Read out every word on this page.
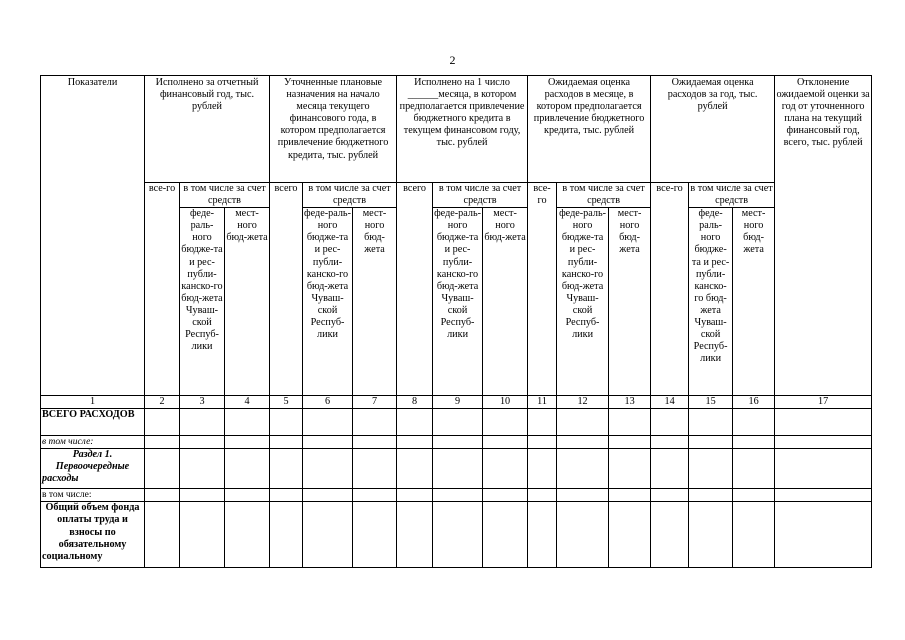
2
Показатели	Исполнено за отчетный финансовый год, тыс. рублей			Уточненные плановые назначения на начало месяца текущего финансового года, в котором предполагается привлечение бюджетного кредита, тыс. рублей			Исполнено на 1 число ______месяца, в котором предполагается привлечение бюджетного кредита в текущем финансовом году, тыс. рублей			Ожидаемая оценка расходов в месяце, в котором предполагается привлечение бюджетного кредита, тыс. рублей			Ожидаемая оценка расходов за год, тыс. рублей			Отклонение ожидаемой оценки за год от уточненного плана на текущий финансовый год, всего, тыс. рублей
	все-го	в том числе за счет средств		всего	в том числе за счет средств		всего	в том числе за счет средств		все-го	в том числе за счет средств		все-го	в том числе за счет средств		
		феде-раль-ного бюдже-та и рес-публи-канско-го бюд-жета Чуваш-ской Респуб-лики	мест-ного бюд-жета		феде-раль-ного бюдже-та и рес-публи-канско-го бюд-жета Чуваш-ской Респуб-лики	мест-ного бюд-жета		феде-раль-ного бюдже-та и рес-публи-канско-го бюд-жета Чуваш-ской Респуб-лики	мест-ного бюд-жета		феде-раль-ного бюдже-та и рес-публи-канско-го бюд-жета Чуваш-ской Респуб-лики	мест-ного бюд-жета		феде-раль-ного бюдже-та и рес-публи-канско-го бюд-жета Чуваш-ской Респуб-лики	мест-ного бюд-жета	
1	2	3	4	5	6	7	8	9	10	11	12	13	14	15	16	17
ВСЕГО РАСХОДОВ																
в том числе:																
Раздел 1. Первоочередные расходы																
в том числе:																
Общий объем фонда оплаты труда и взносы по обязательному социальному																
